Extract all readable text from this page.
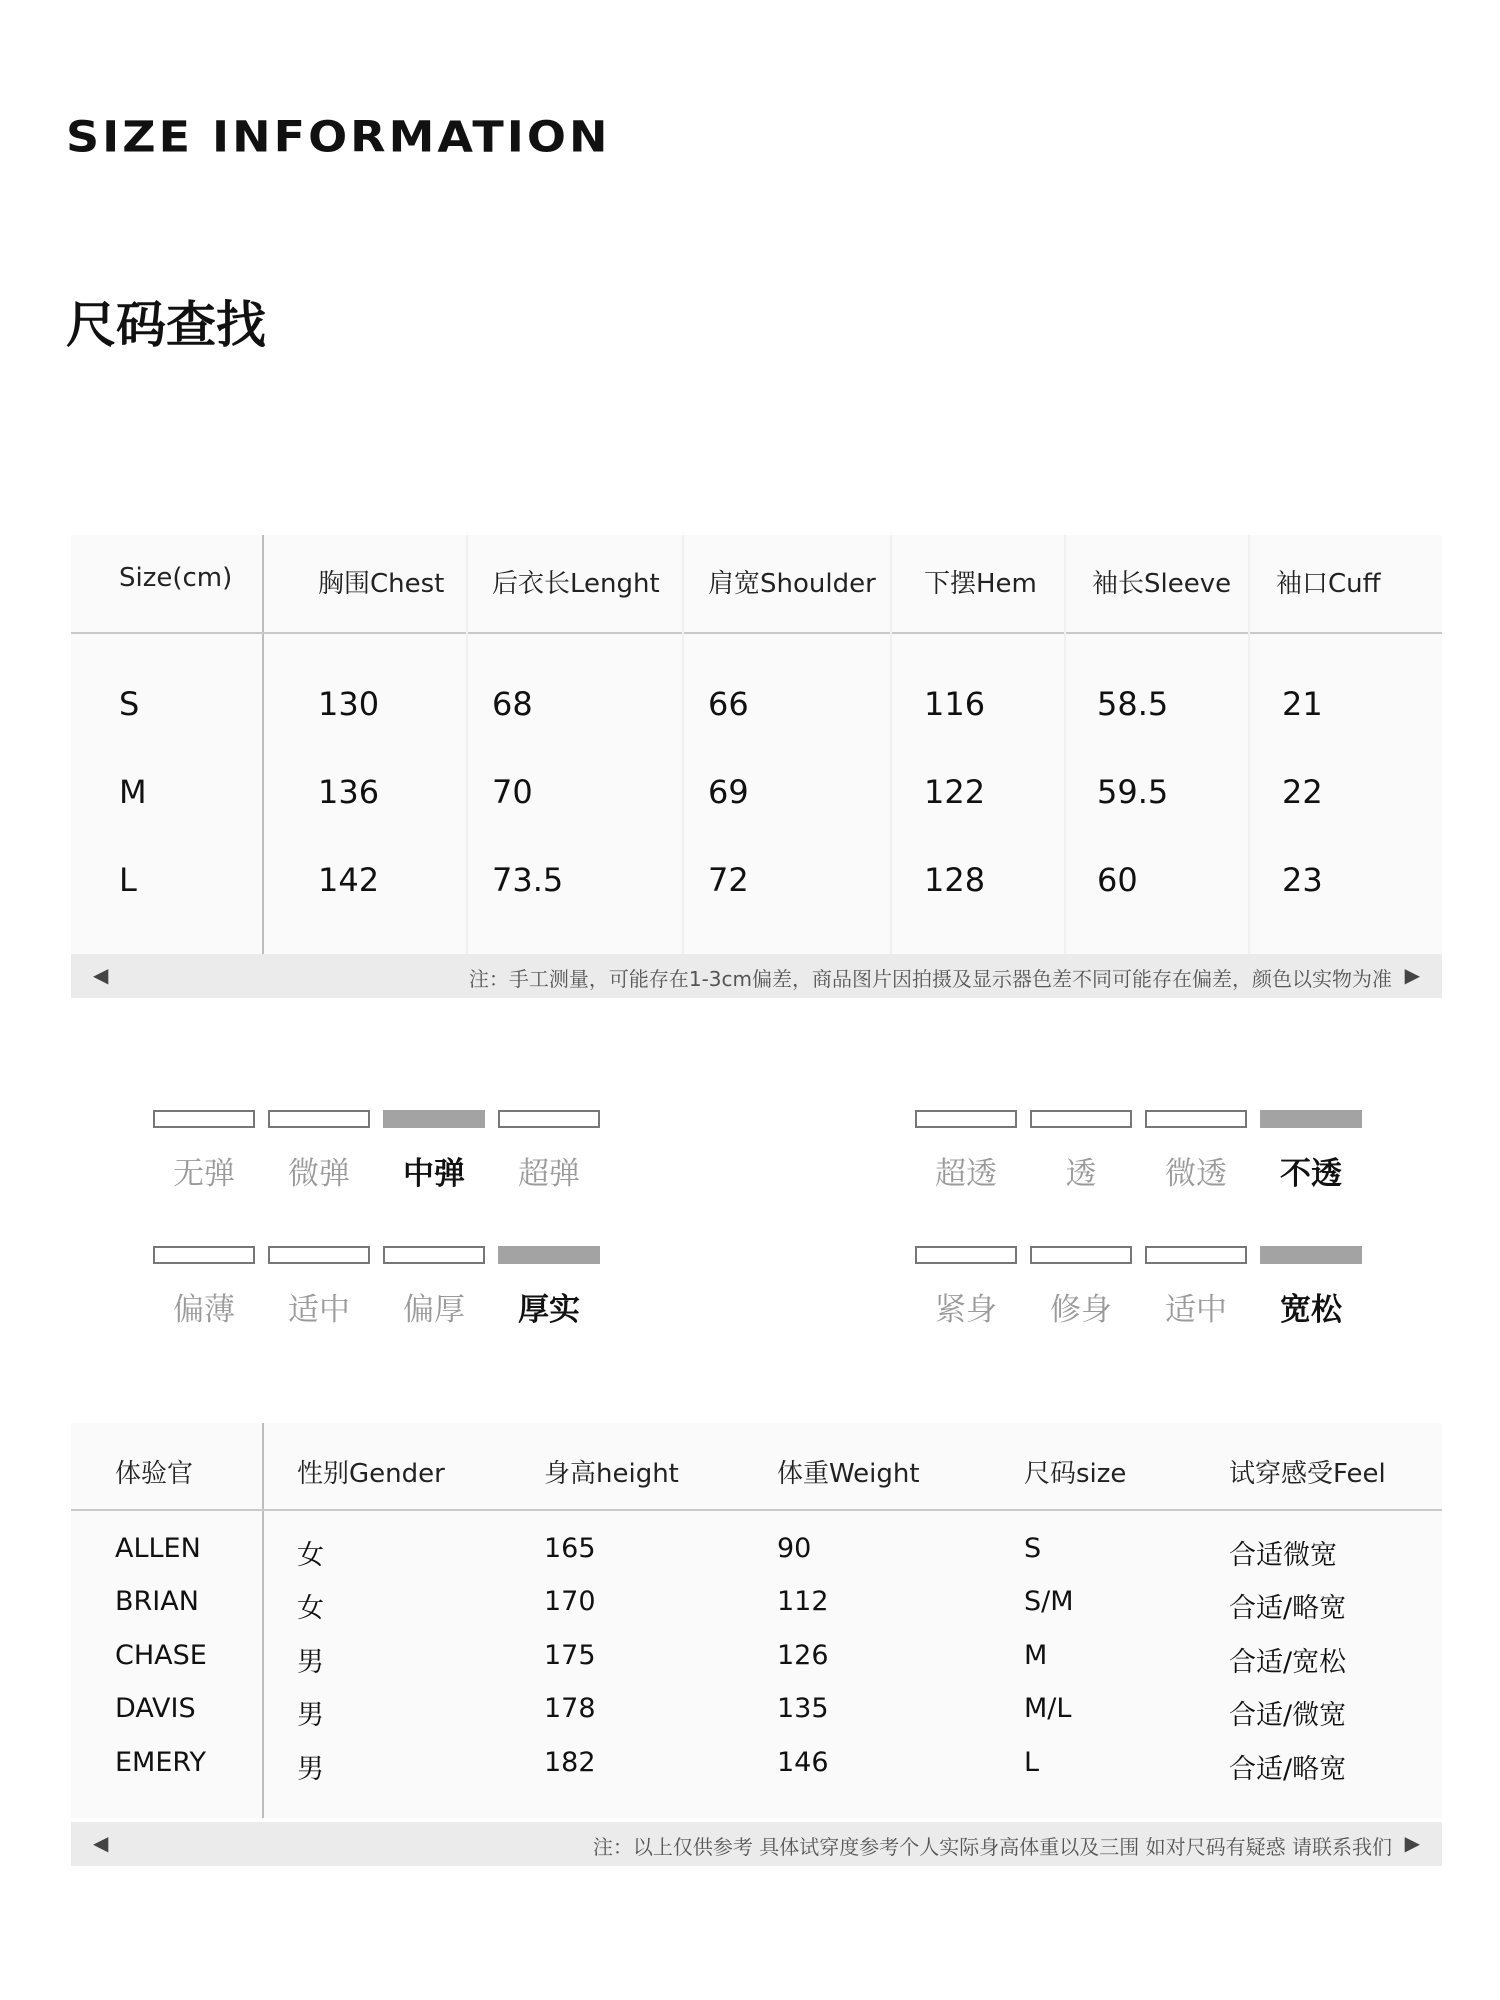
SIZE INFORMATION
尺码查找
Size(cm)	胸围Chest 后衣长Lenght 肩宽Shoulder 下摆Hem 袖长Sleeve 袖口Cuff
S	130	68	66	116	58.5	21
M	136	70	69	122	59.5	22
L	142	73.5	72	128	60	23
◀	注：手工测量，可能存在1-3cm偏差，商品图片因拍摄及显示器色差不同可能存在偏差，颜色以实物为准 ▶
无弹	微弹	中弹	超弹	超透	透	微透	不透
偏薄	适中	偏厚	厚实	紧身	修身	适中	宽松
体验官	性别Gender	身高height	体重Weight	尺码size	试穿感受Feel
ALLEN	女	165	90	S	合适微宽
BRIAN	女	170	112	S/M	合适/略宽
CHASE	男	175	126	M	合适/宽松
DAVIS	男	178	135	M/L	合适/微宽
EMERY	男	182	146	L	合适/略宽
◀	注：以上仅供参考 具体试穿度参考个人实际身高体重以及三围 如对尺码有疑惑 请联系我们 ▶
